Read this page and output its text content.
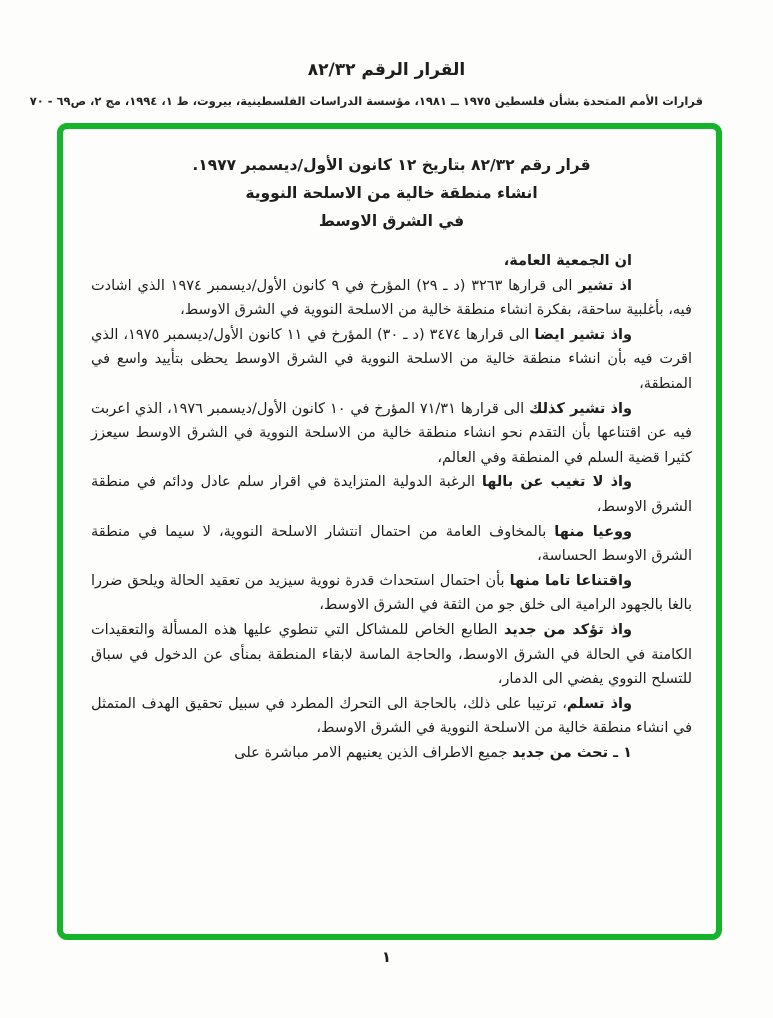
القرار الرقم ٨٢/٣٢
قرارات الأمم المتحدة بشأن فلسطين ١٩٧٥ ــ ١٩٨١، مؤسسة الدراسات الفلسطينية، بيروت، ط ١، ١٩٩٤، مج ٢، ص٦٩ - ٧٠
قرار رقم ٨٢/٣٢ بتاريخ ١٢ كانون الأول/ديسمبر ١٩٧٧.
انشاء منطقة خالية من الاسلحة النووية
في الشرق الاوسط

ان الجمعية العامة،

اذ تشير الى قرارها ٣٢٦٣ (د ـ ٢٩) المؤرخ في ٩ كانون الأول/ديسمبر ١٩٧٤ الذي اشادت فيه، بأغلبية ساحقة، بفكرة انشاء منطقة خالية من الاسلحة النووية في الشرق الاوسط،

واذ تشير ايضا الى قرارها ٣٤٧٤ (د ـ ٣٠) المؤرخ في ١١ كانون الأول/ديسمبر ١٩٧٥، الذي اقرت فيه بأن انشاء منطقة خالية من الاسلحة النووية في الشرق الاوسط يحظى بتأييد واسع في المنطقة،

واذ تشير كذلك الى قرارها ٧١/٣١ المؤرخ في ١٠ كانون الأول/ديسمبر ١٩٧٦، الذي اعربت فيه عن اقتناعها بأن التقدم نحو انشاء منطقة خالية من الاسلحة النووية في الشرق الاوسط سيعزز كثيرا قضية السلم في المنطقة وفي العالم،

واذ لا تغيب عن بالها الرغبة الدولية المتزايدة في اقرار سلم عادل ودائم في منطقة الشرق الاوسط،

ووعيا منها بالمخاوف العامة من احتمال انتشار الاسلحة النووية، لا سيما في منطقة الشرق الاوسط الحساسة،

واقتناعا تاما منها بأن احتمال استحداث قدرة نووية سيزيد من تعقيد الحالة ويلحق ضررا بالغا بالجهود الرامية الى خلق جو من الثقة في الشرق الاوسط،

واذ تؤكد من جديد الطابع الخاص للمشاكل التي تنطوي عليها هذه المسألة والتعقيدات الكامنة في الحالة في الشرق الاوسط، والحاجة الماسة لابقاء المنطقة بمنأى عن الدخول في سباق للتسلح النووي يفضي الى الدمار،

واذ تسلم، ترتيبا على ذلك، بالحاجة الى التحرك المطرد في سبيل تحقيق الهدف المتمثل في انشاء منطقة خالية من الاسلحة النووية في الشرق الاوسط،

١ ـ تحث من جديد جميع الاطراف الذين يعنيهم الامر مباشرة على

١
